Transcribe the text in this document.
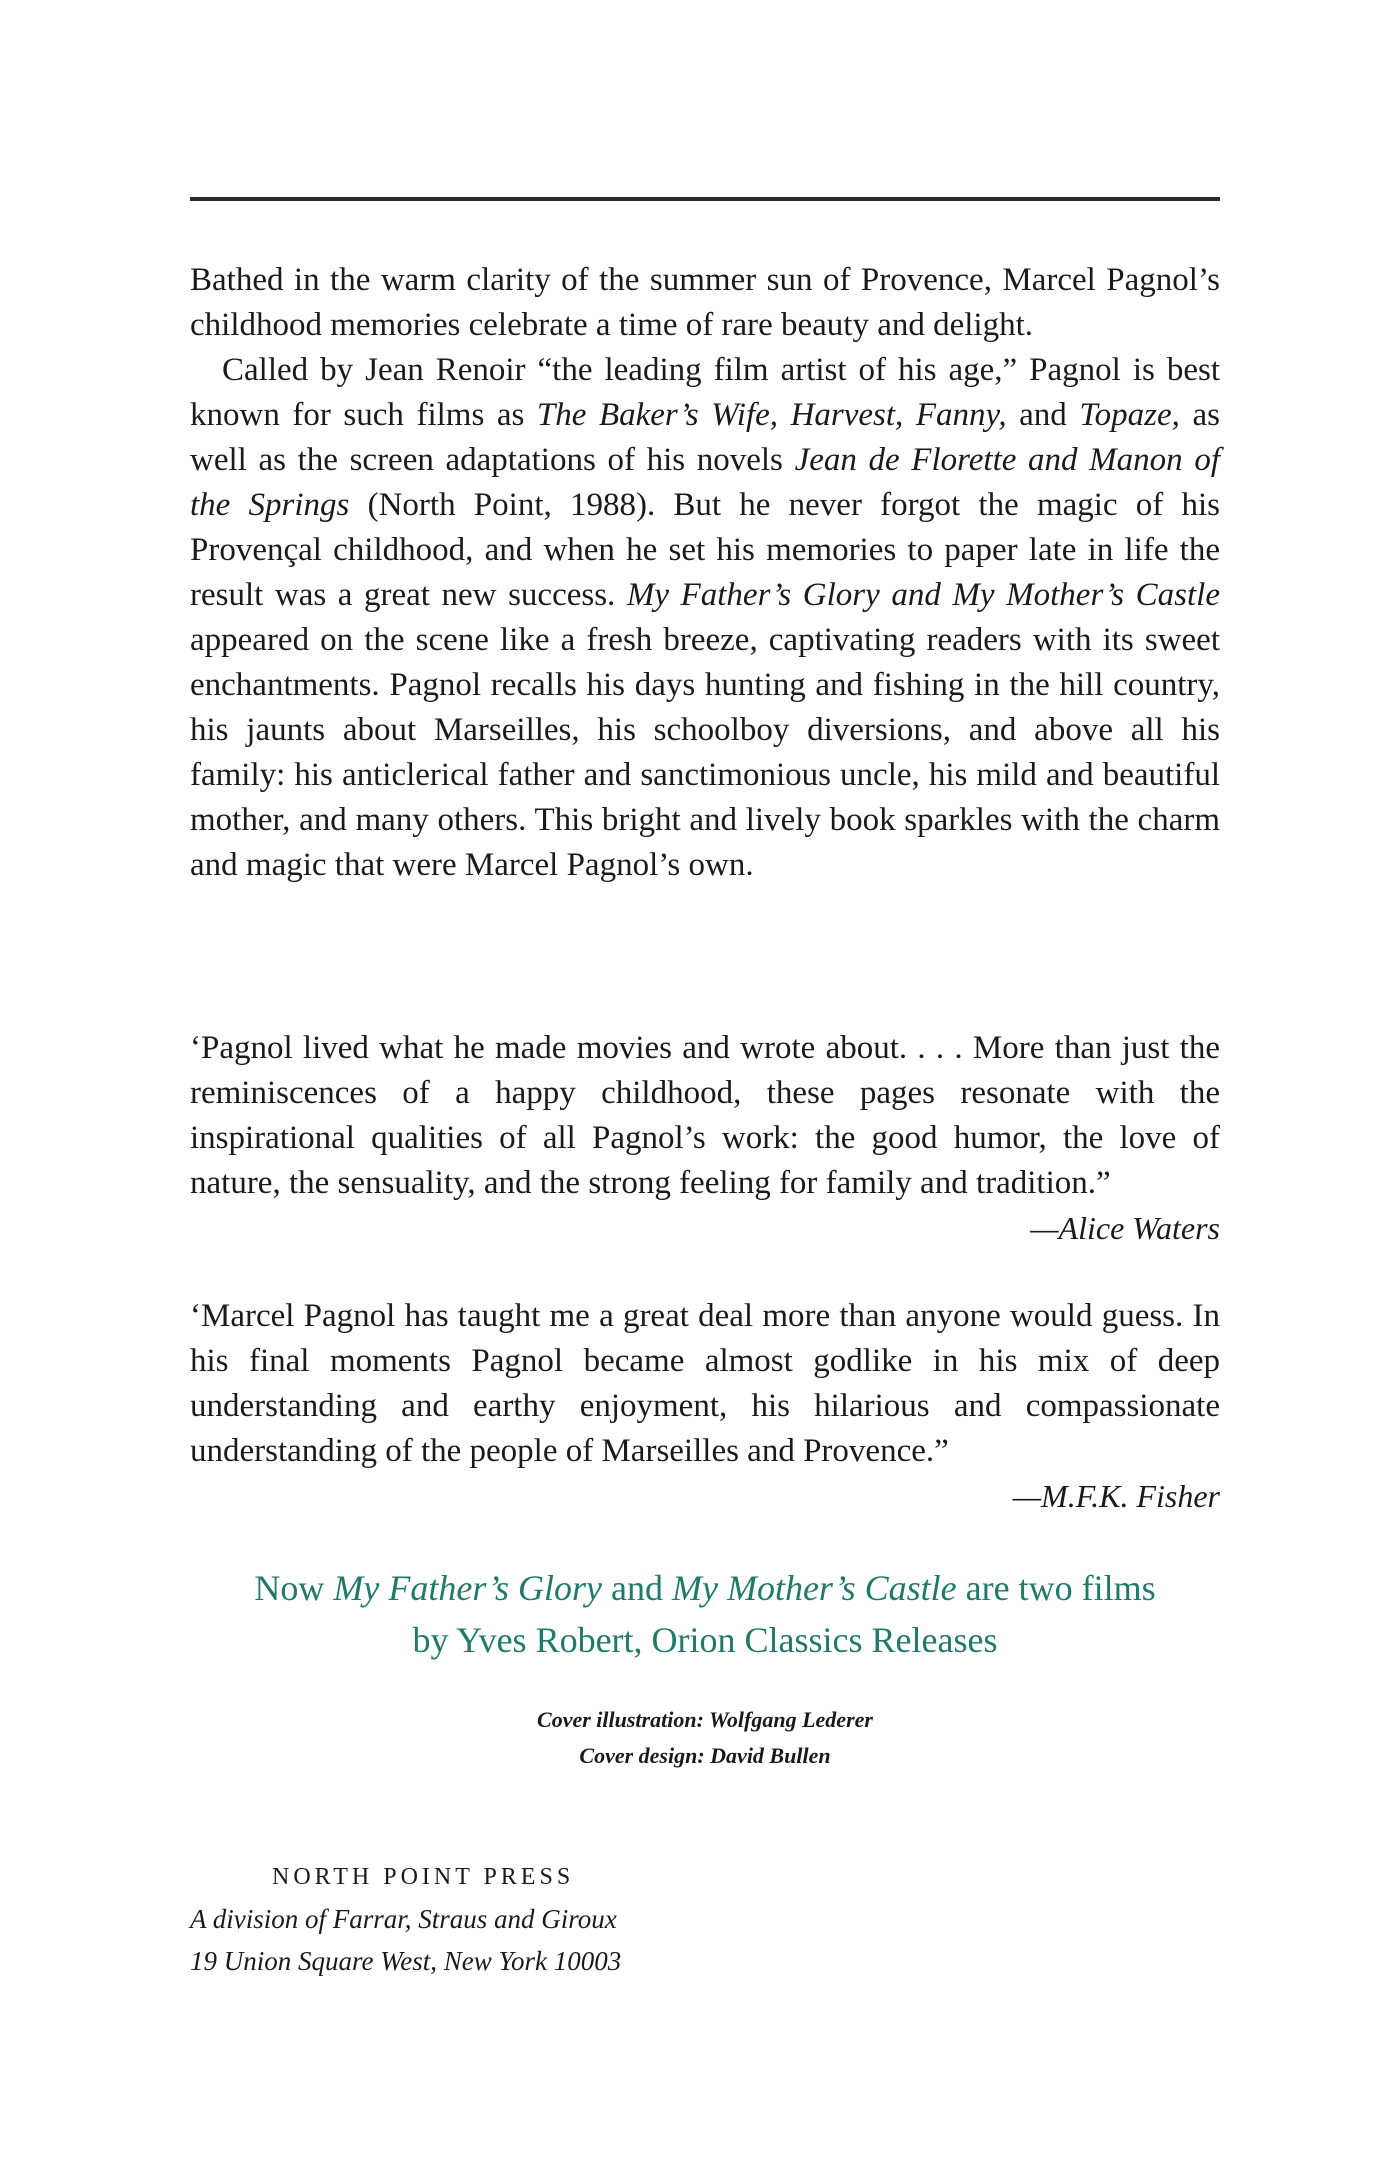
Bathed in the warm clarity of the summer sun of Provence, Marcel Pagnol’s childhood memories celebrate a time of rare beauty and delight.

Called by Jean Renoir “the leading film artist of his age,” Pagnol is best known for such films as The Baker’s Wife, Harvest, Fanny, and Topaze, as well as the screen adaptations of his novels Jean de Florette and Manon of the Springs (North Point, 1988). But he never forgot the magic of his Provençal childhood, and when he set his memories to paper late in life the result was a great new success. My Father’s Glory and My Mother’s Castle appeared on the scene like a fresh breeze, captivating readers with its sweet enchantments. Pagnol recalls his days hunting and fishing in the hill country, his jaunts about Marseilles, his schoolboy diversions, and above all his family: his anticlerical father and sanctimonious uncle, his mild and beautiful mother, and many others. This bright and lively book sparkles with the charm and magic that were Marcel Pagnol’s own.

‘Pagnol lived what he made movies and wrote about. . . . More than just the reminiscences of a happy childhood, these pages resonate with the inspirational qualities of all Pagnol’s work: the good humor, the love of nature, the sensuality, and the strong feeling for family and tradition.”

—Alice Waters

‘Marcel Pagnol has taught me a great deal more than anyone would guess. In his final moments Pagnol became almost godlike in his mix of deep understanding and earthy enjoyment, his hilarious and compassionate understanding of the people of Marseilles and Provence.”

—M.F.K. Fisher
Now My Father’s Glory and My Mother’s Castle are two films
by Yves Robert, Orion Classics Releases
Cover illustration: Wolfgang Lederer
Cover design: David Bullen
NORTH POINT PRESS
A division of Farrar, Straus and Giroux
19 Union Square West, New York 10003
